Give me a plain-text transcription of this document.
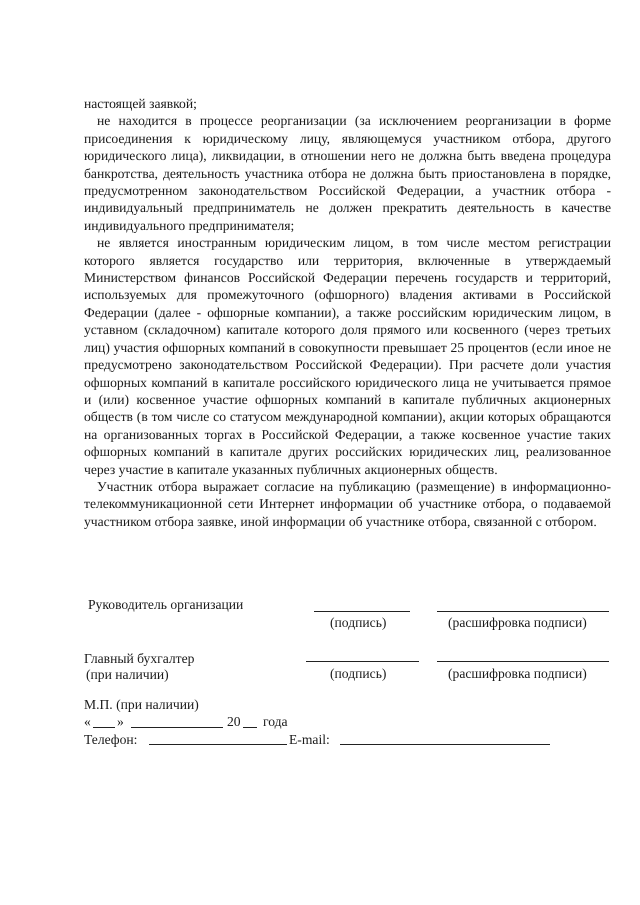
настоящей заявкой;

не находится в процессе реорганизации (за исключением реорганизации в форме присоединения к юридическому лицу, являющемуся участником отбора, другого юридического лица), ликвидации, в отношении него не должна быть введена процедура банкротства, деятельность участника отбора не должна быть приостановлена в порядке, предусмотренном законодательством Российской Федерации, а участник отбора - индивидуальный предприниматель не должен прекратить деятельность в качестве индивидуального предпринимателя;

не является иностранным юридическим лицом, в том числе местом регистрации которого является государство или территория, включенные в утверждаемый Министерством финансов Российской Федерации перечень государств и территорий, используемых для промежуточного (офшорного) владения активами в Российской Федерации (далее - офшорные компании), а также российским юридическим лицом, в уставном (складочном) капитале которого доля прямого или косвенного (через третьих лиц) участия офшорных компаний в совокупности превышает 25 процентов (если иное не предусмотрено законодательством Российской Федерации). При расчете доли участия офшорных компаний в капитале российского юридического лица не учитывается прямое и (или) косвенное участие офшорных компаний в капитале публичных акционерных обществ (в том числе со статусом международной компании), акции которых обращаются на организованных торгах в Российской Федерации, а также косвенное участие таких офшорных компаний в капитале других российских юридических лиц, реализованное через участие в капитале указанных публичных акционерных обществ.

Участник отбора выражает согласие на публикацию (размещение) в информационно-телекоммуникационной сети Интернет информации об участнике отбора, о подаваемой участником отбора заявке, иной информации об участнике отбора, связанной с отбором.

Руководитель организации
(подпись)	(расшифровка подписи)
Главный бухгалтер
(при наличии)	(подпись)	(расшифровка подписи)
М.П. (при наличии)
« »	20 года
Телефон:	E-mail:
